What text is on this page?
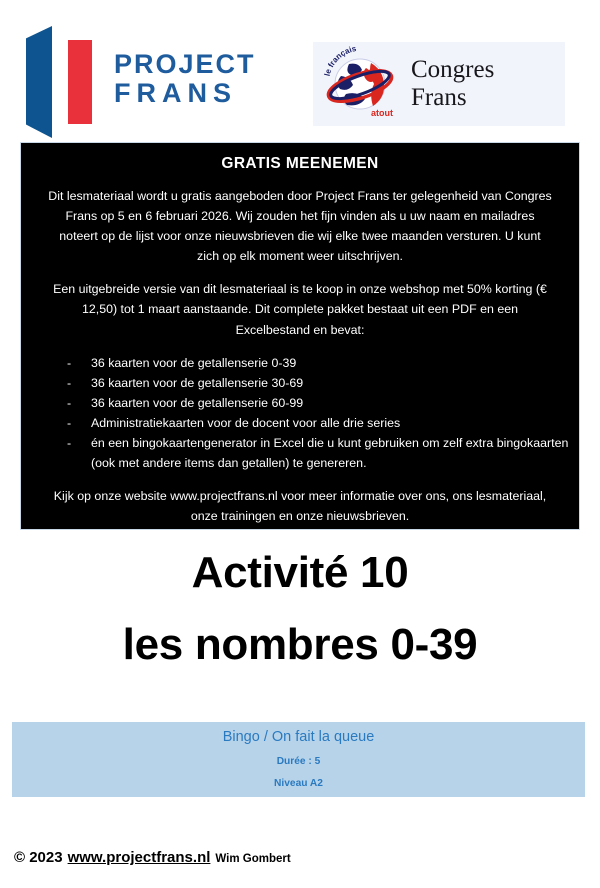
PROJECT
FRANS
le français
atout
Congres
Frans
GRATIS MEENEMEN

Dit lesmateriaal wordt u gratis aangeboden door Project Frans ter gelegenheid van Congres Frans op 5 en 6 februari 2026. Wij zouden het fijn vinden als u uw naam en mailadres noteert op de lijst voor onze nieuwsbrieven die wij elke twee maanden versturen. U kunt zich op elk moment weer uitschrijven.

Een uitgebreide versie van dit lesmateriaal is te koop in onze webshop met 50% korting (€ 12,50) tot 1 maart aanstaande. Dit complete pakket bestaat uit een PDF en een Excelbestand en bevat:

- 36 kaarten voor de getallenserie 0-39
- 36 kaarten voor de getallenserie 30-69
- 36 kaarten voor de getallenserie 60-99
- Administratiekaarten voor de docent voor alle drie series
- én een bingokaartengenerator in Excel die u kunt gebruiken om zelf extra bingokaarten (ook met andere items dan getallen) te genereren.

Kijk op onze website www.projectfrans.nl voor meer informatie over ons, ons lesmateriaal, onze trainingen en onze nieuwsbrieven.

Activité 10
les nombres 0-39
Bingo / On fait la queue
Durée : 5
Niveau A2
© 2023 www.projectfrans.nl Wim Gombert
